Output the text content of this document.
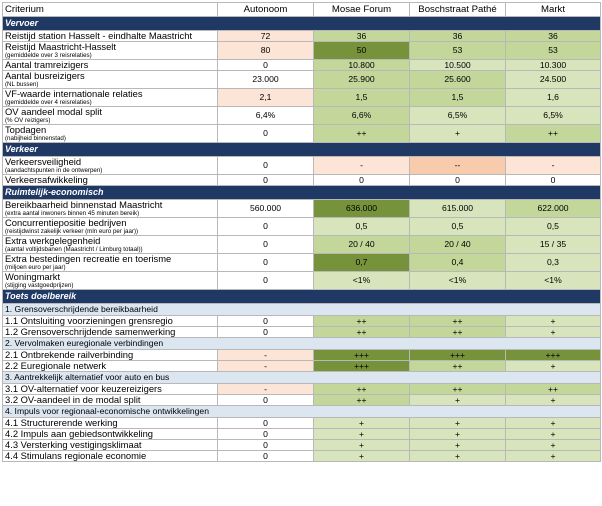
Criterium	Autonoom	Mosae Forum	Boschstraat Pathé	Markt
Vervoer				

Reistijd station Hasselt - eindhalte Maastricht	72	36	36	36

Reistijd Maastricht-Hasselt
(gemiddelde over 3 reisrelaties)	80	50	53	53

Aantal tramreizigers	0	10.800	10.500	10.300

Aantal busreizigers
(NL bussen)	23.000	25.900	25.600	24.500

VF-waarde internationale relaties
(gemiddelde over 4 reisrelaties)	2,1	1,5	1,5	1,6

OV aandeel modal split
(% OV reizigers)	6,4%	6,6%	6,5%	6,5%

Topdagen
(nabijheid binnenstad)	0	++	+	++
Verkeer				

Verkeersveiligheid
(aandachtspunten in de ontwerpen)	0	-	--	-

Verkeersafwikkeling	0	0	0	0
Ruimtelijk-economisch				

Bereikbaarheid binnenstad Maastricht
(extra aantal inwoners binnen 45 minuten bereik)	560.000	636.000	615.000	622.000

Concurrentiepositie bedrijven
(reistijdwinst zakelijk verkeer (mln euro per jaar))	0	0,5	0,5	0,5

Extra werkgelegenheid
(aantal voltijdsbanen (Maastricht / Limburg totaal))	0	20 / 40	20 / 40	15 / 35

Extra bestedingen recreatie en toerisme
(miljoen euro per jaar)	0	0,7	0,4	0,3

Woningmarkt
(stijging vastgoedprijzen)	0	<1%	<1%	<1%
Toets doelbereik				
1. Grensoverschrijdende bereikbaarheid				

1.1 Ontsluiting voorzieningen grensregio	0	++	++	+

1.2 Grensoverschrijdende samenwerking	0	++	++	+
2. Vervolmaken euregionale verbindingen				

2.1 Ontbrekende railverbinding	-	+++	+++	+++

2.2 Euregionale netwerk	-	+++	++	+
3. Aantrekkelijk alternatief voor auto en bus				

3.1 OV-alternatief voor keuzereizigers	-	++	++	++

3.2 OV-aandeel in de modal split	0	++	+	+
4. Impuls voor regionaal-economische ontwikkelingen				

4.1 Structurerende werking	0	+	+	+

4.2 Impuls aan gebiedsontwikkeling	0	+	+	+

4.3 Versterking vestigingsklimaat	0	+	+	+

4.4 Stimulans regionale economie	0	+	+	+
